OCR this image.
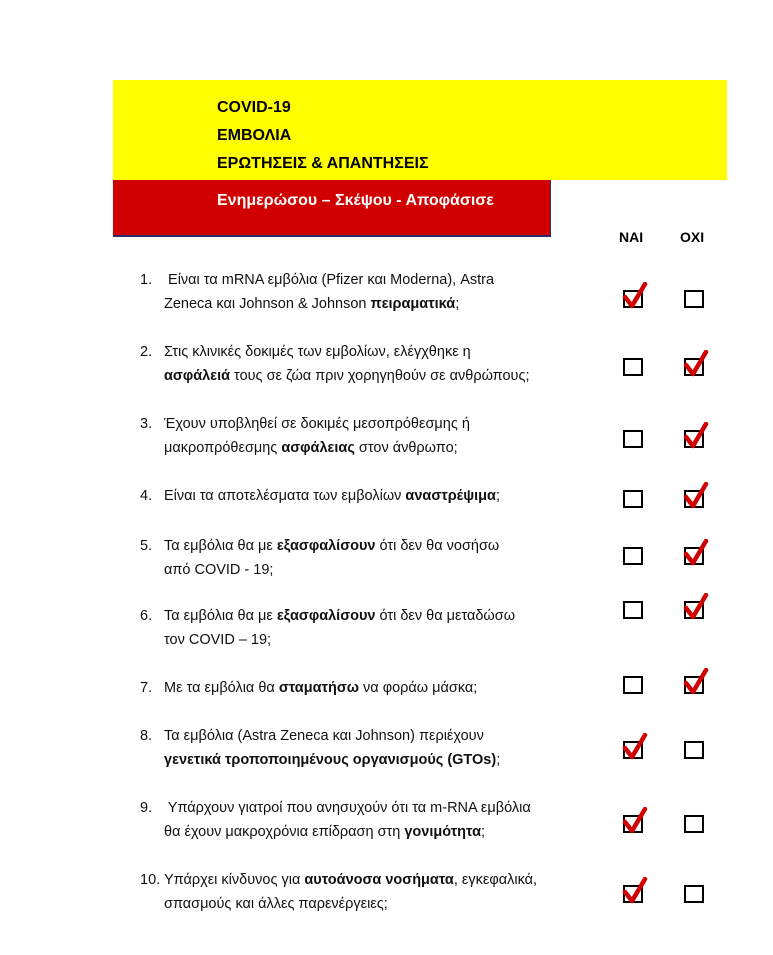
COVID-19
ΕΜΒΟΛΙΑ
ΕΡΩΤΗΣΕΙΣ & ΑΠΑΝΤΗΣΕΙΣ
Ενημερώσου – Σκέψου - Αποφάσισε
ΝΑΙ	ΟΧΙ
1. Είναι τα mRNA εμβόλια (Pfizer και Moderna), Astra
Zeneca και Johnson & Johnson πειραματικά;
2. Στις κλινικές δοκιμές των εμβολίων, ελέγχθηκε η
ασφάλειά τους σε ζώα πριν χορηγηθούν σε ανθρώπους;
3. Έχουν υποβληθεί σε δοκιμές μεσοπρόθεσμης ή
μακροπρόθεσμης ασφάλειας στον άνθρωπο;
4. Είναι τα αποτελέσματα των εμβολίων αναστρέψιμα;
5. Τα εμβόλια θα με εξασφαλίσουν ότι δεν θα νοσήσω
από COVID - 19;
6. Τα εμβόλια θα με εξασφαλίσουν ότι δεν θα μεταδώσω
τον COVID – 19;
7. Με τα εμβόλια θα σταματήσω να φοράω μάσκα;
8. Τα εμβόλια (Astra Zeneca και Johnson) περιέχουν
γενετικά τροποποιημένους οργανισμούς (GTOs);
9. Υπάρχουν γιατροί που ανησυχούν ότι τα m-RNA εμβόλια
θα έχουν μακροχρόνια επίδραση στη γονιμότητα;
10. Υπάρχει κίνδυνος για αυτοάνοσα νοσήματα, εγκεφαλικά,
σπασμούς και άλλες παρενέργειες;
